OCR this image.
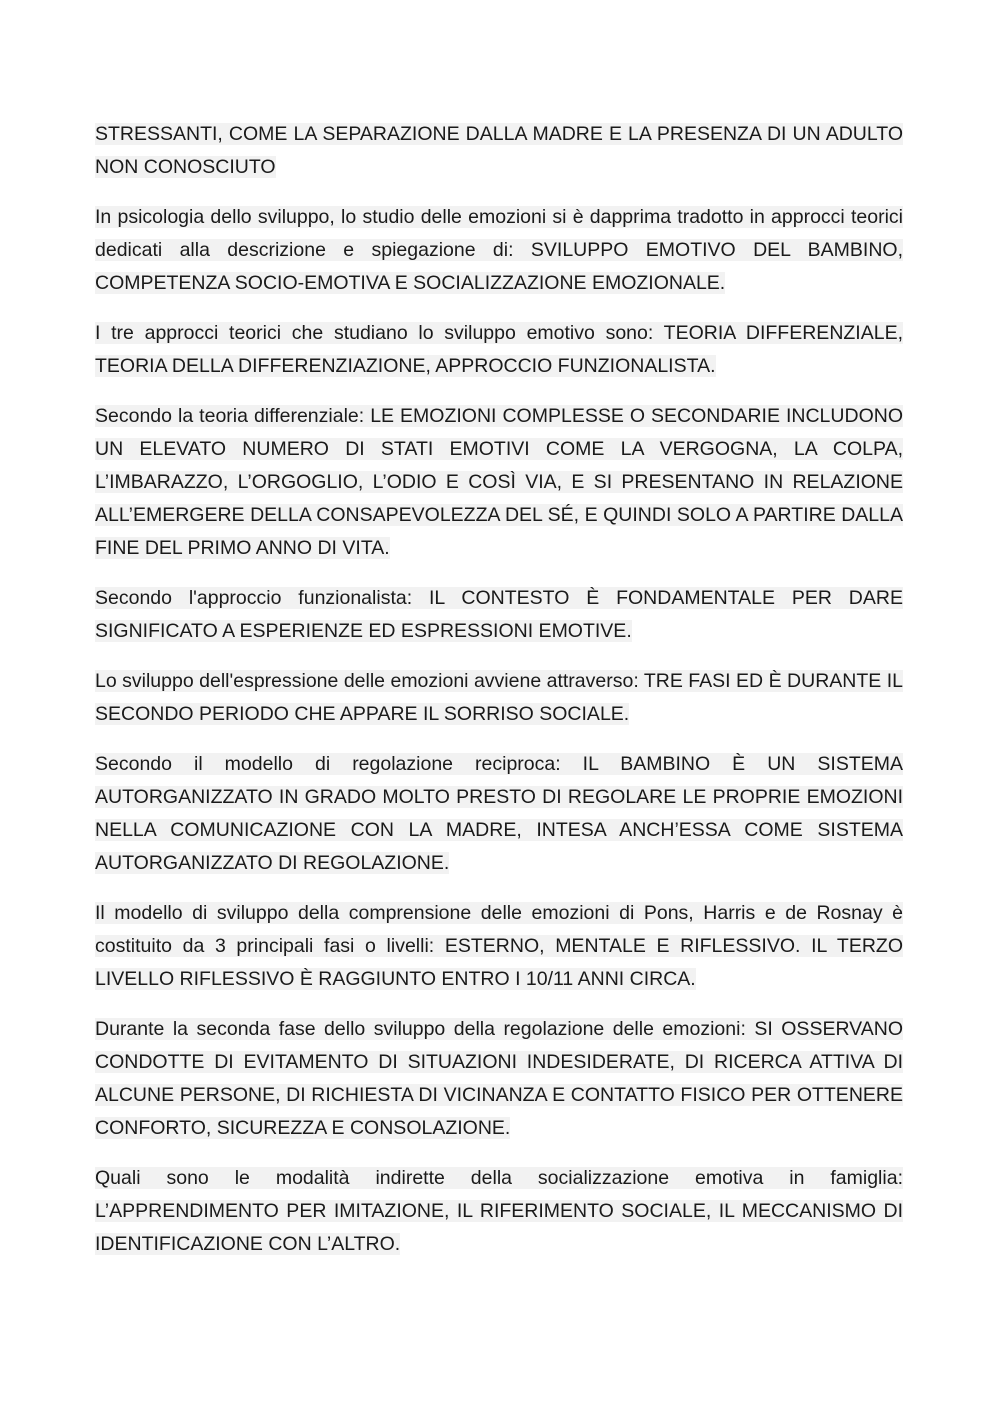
STRESSANTI, COME LA SEPARAZIONE DALLA MADRE E LA PRESENZA DI UN ADULTO NON CONOSCIUTO

In psicologia dello sviluppo, lo studio delle emozioni si è dapprima tradotto in approcci teorici dedicati alla descrizione e spiegazione di: SVILUPPO EMOTIVO DEL BAMBINO, COMPETENZA SOCIO-EMOTIVA E SOCIALIZZAZIONE EMOZIONALE.

I tre approcci teorici che studiano lo sviluppo emotivo sono: TEORIA DIFFERENZIALE, TEORIA DELLA DIFFERENZIAZIONE, APPROCCIO FUNZIONALISTA.

Secondo la teoria differenziale: LE EMOZIONI COMPLESSE O SECONDARIE INCLUDONO UN ELEVATO NUMERO DI STATI EMOTIVI COME LA VERGOGNA, LA COLPA, L’IMBARAZZO, L’ORGOGLIO, L’ODIO E COSÌ VIA, E SI PRESENTANO IN RELAZIONE ALL’EMERGERE DELLA CONSAPEVOLEZZA DEL SÉ, E QUINDI SOLO A PARTIRE DALLA FINE DEL PRIMO ANNO DI VITA.

Secondo l'approccio funzionalista: IL CONTESTO È FONDAMENTALE PER DARE SIGNIFICATO A ESPERIENZE ED ESPRESSIONI EMOTIVE.

Lo sviluppo dell'espressione delle emozioni avviene attraverso: TRE FASI ED È DURANTE IL SECONDO PERIODO CHE APPARE IL SORRISO SOCIALE.

Secondo il modello di regolazione reciproca: IL BAMBINO È UN SISTEMA AUTORGANIZZATO IN GRADO MOLTO PRESTO DI REGOLARE LE PROPRIE EMOZIONI NELLA COMUNICAZIONE CON LA MADRE, INTESA ANCH’ESSA COME SISTEMA AUTORGANIZZATO DI REGOLAZIONE.

Il modello di sviluppo della comprensione delle emozioni di Pons, Harris e de Rosnay è costituito da 3 principali fasi o livelli: ESTERNO, MENTALE E RIFLESSIVO. IL TERZO LIVELLO RIFLESSIVO È RAGGIUNTO ENTRO I 10/11 ANNI CIRCA.

Durante la seconda fase dello sviluppo della regolazione delle emozioni: SI OSSERVANO CONDOTTE DI EVITAMENTO DI SITUAZIONI INDESIDERATE, DI RICERCA ATTIVA DI ALCUNE PERSONE, DI RICHIESTA DI VICINANZA E CONTATTO FISICO PER OTTENERE CONFORTO, SICUREZZA E CONSOLAZIONE.

Quali sono le modalità indirette della socializzazione emotiva in famiglia: L’APPRENDIMENTO PER IMITAZIONE, IL RIFERIMENTO SOCIALE, IL MECCANISMO DI IDENTIFICAZIONE CON L’ALTRO.
